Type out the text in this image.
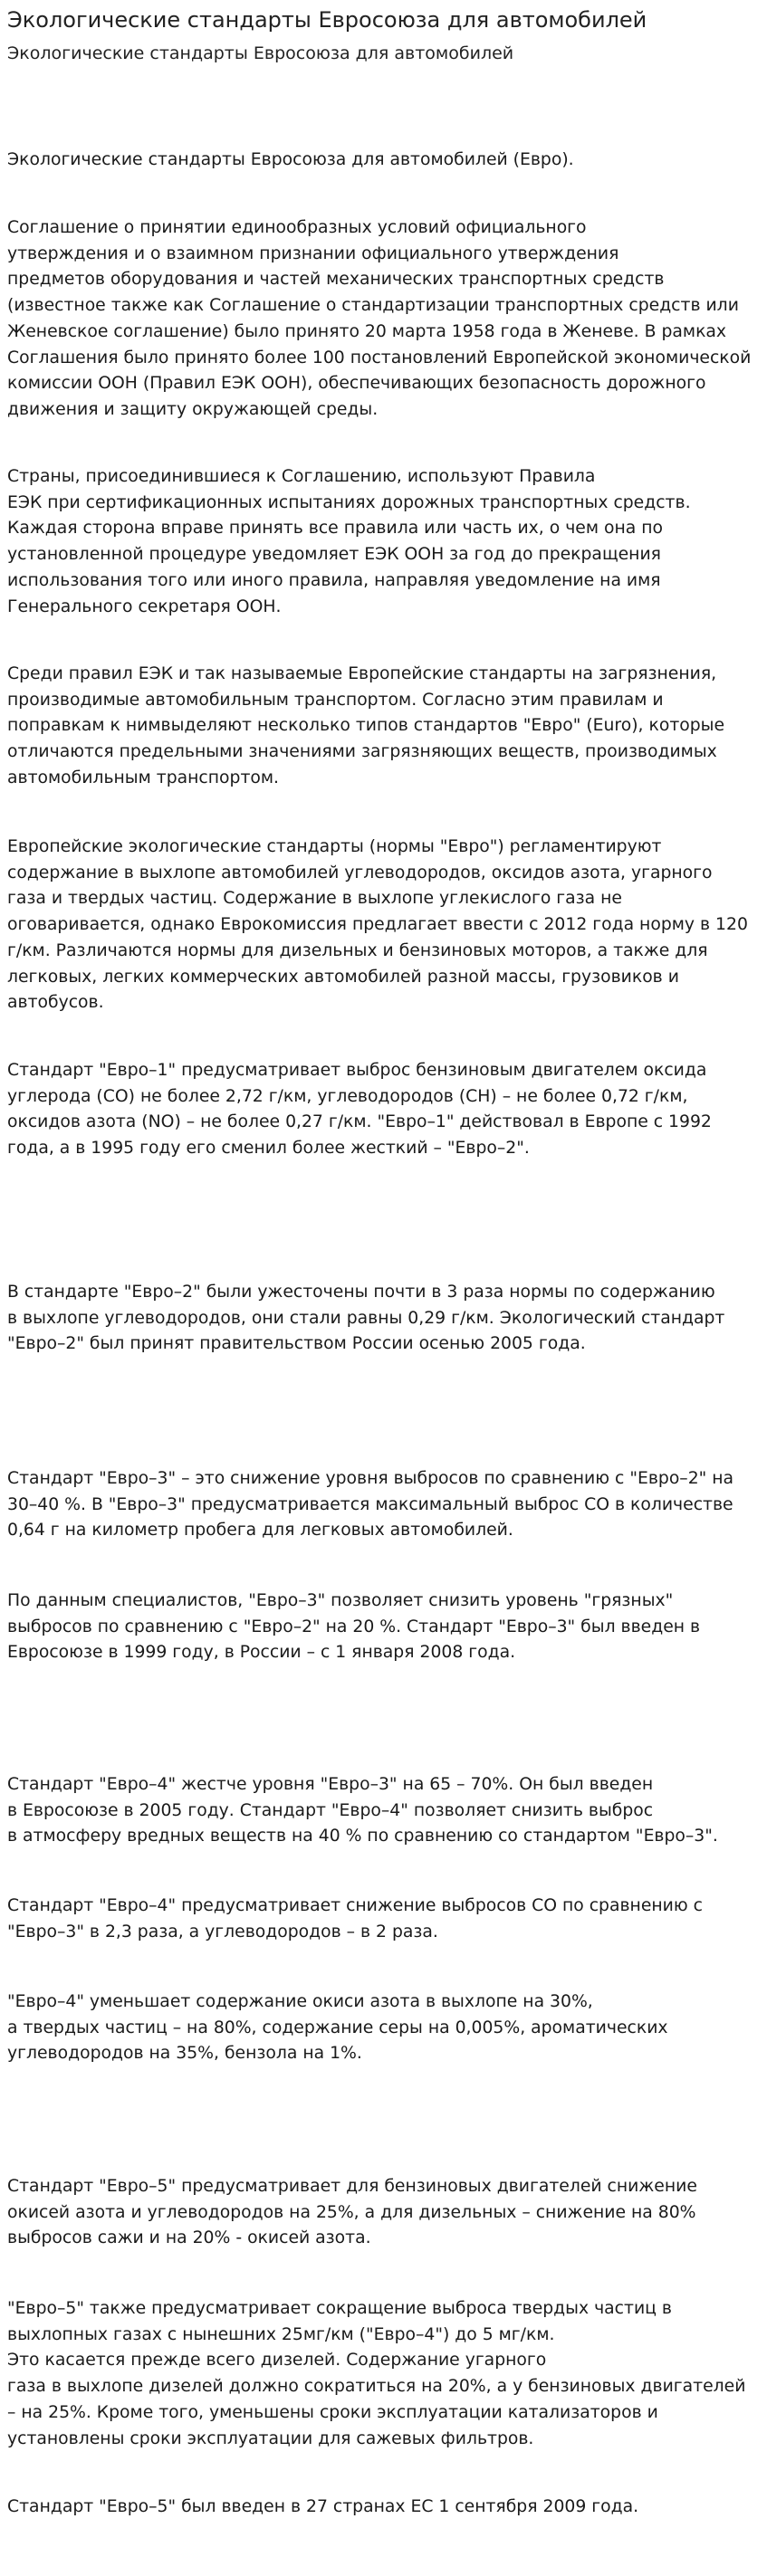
Экологические стандарты Евросоюза для автомобилей
Экологические стандарты Евросоюза для автомобилей

Экологические стандарты Евросоюза для автомобилей (Евро).

Соглашение о принятии единообразных условий официального
утверждения и о взаимном признании официального утверждения
предметов оборудования и частей механических транспортных средств
(известное также как Соглашение о стандартизации транспортных средств или
Женевское соглашение) было принято 20 марта 1958 года в Женеве. В рамках
Соглашения было принято более 100 постановлений Европейской экономической
комиссии ООН (Правил ЕЭК ООН), обеспечивающих безопасность дорожного
движения и защиту окружающей среды.

Страны, присоединившиеся к Соглашению, используют Правила
ЕЭК при сертификационных испытаниях дорожных транспортных средств.
Каждая сторона вправе принять все правила или часть их, о чем она по
установленной процедуре уведомляет ЕЭК ООН за год до прекращения
использования того или иного правила, направляя уведомление на имя
Генерального секретаря ООН.

Среди правил ЕЭК и так называемые Европейские стандарты на загрязнения,
производимые автомобильным транспортом. Согласно этим правилам и
поправкам к нимвыделяют несколько типов стандартов "Евро" (Euro), которые
отличаются предельными значениями загрязняющих веществ, производимых
автомобильным транспортом.

Европейские экологические стандарты (нормы "Евро") регламентируют
содержание в выхлопе автомобилей углеводородов, оксидов азота, угарного
газа и твердых частиц. Содержание в выхлопе углекислого газа не
оговаривается, однако Еврокомиссия предлагает ввести с 2012 года норму в 120
г/км. Различаются нормы для дизельных и бензиновых моторов, а также для
легковых, легких коммерческих автомобилей разной массы, грузовиков и
автобусов.

Стандарт "Евро–1" предусматривает выброс бензиновым двигателем оксида
углерода (CO) не более 2,72 г/км, углеводородов (CH) – не более 0,72 г/км,
оксидов азота (NO) – не более 0,27 г/км. "Евро–1" действовал в Европе с 1992
года, а в 1995 году его сменил более жесткий – "Евро–2".

В стандарте "Евро–2" были ужесточены почти в 3 раза нормы по содержанию
в выхлопе углеводородов, они стали равны 0,29 г/км. Экологический стандарт
"Евро–2" был принят правительством России осенью 2005 года.

Стандарт "Евро–3" – это снижение уровня выбросов по сравнению с "Евро–2" на
30–40 %. В "Евро–3" предусматривается максимальный выброс CO в количестве
0,64 г на километр пробега для легковых автомобилей.

По данным специалистов, "Евро–3" позволяет снизить уровень "грязных"
выбросов по сравнению с "Евро–2" на 20 %. Стандарт "Евро–3" был введен в
Евросоюзе в 1999 году, в России – с 1 января 2008 года.

Стандарт "Евро–4" жестче уровня "Евро–3" на 65 – 70%. Он был введен
в Евросоюзе в 2005 году. Стандарт "Евро–4" позволяет снизить выброс
в атмосферу вредных веществ на 40 % по сравнению со стандартом "Евро–3".

Стандарт "Евро–4" предусматривает снижение выбросов CO по сравнению с
"Евро–3" в 2,3 раза, а углеводородов – в 2 раза.

"Евро–4" уменьшает содержание окиси азота в выхлопе на 30%,
а твердых частиц – на 80%, содержание серы на 0,005%, ароматических
углеводородов на 35%, бензола на 1%.

Стандарт "Евро–5" предусматривает для бензиновых двигателей снижение
окисей азота и углеводородов на 25%, а для дизельных – снижение на 80%
выбросов сажи и на 20% - окисей азота.

"Евро–5" также предусматривает сокращение выброса твердых частиц в
выхлопных газах с нынешних 25мг/км ("Евро–4") до 5 мг/км.
Это касается прежде всего дизелей. Содержание угарного
газа в выхлопе дизелей должно сократиться на 20%, а у бензиновых двигателей
– на 25%. Кроме того, уменьшены сроки эксплуатации катализаторов и
установлены сроки эксплуатации для сажевых фильтров.

Стандарт "Евро–5" был введен в 27 странах ЕС 1 сентября 2009 года.
